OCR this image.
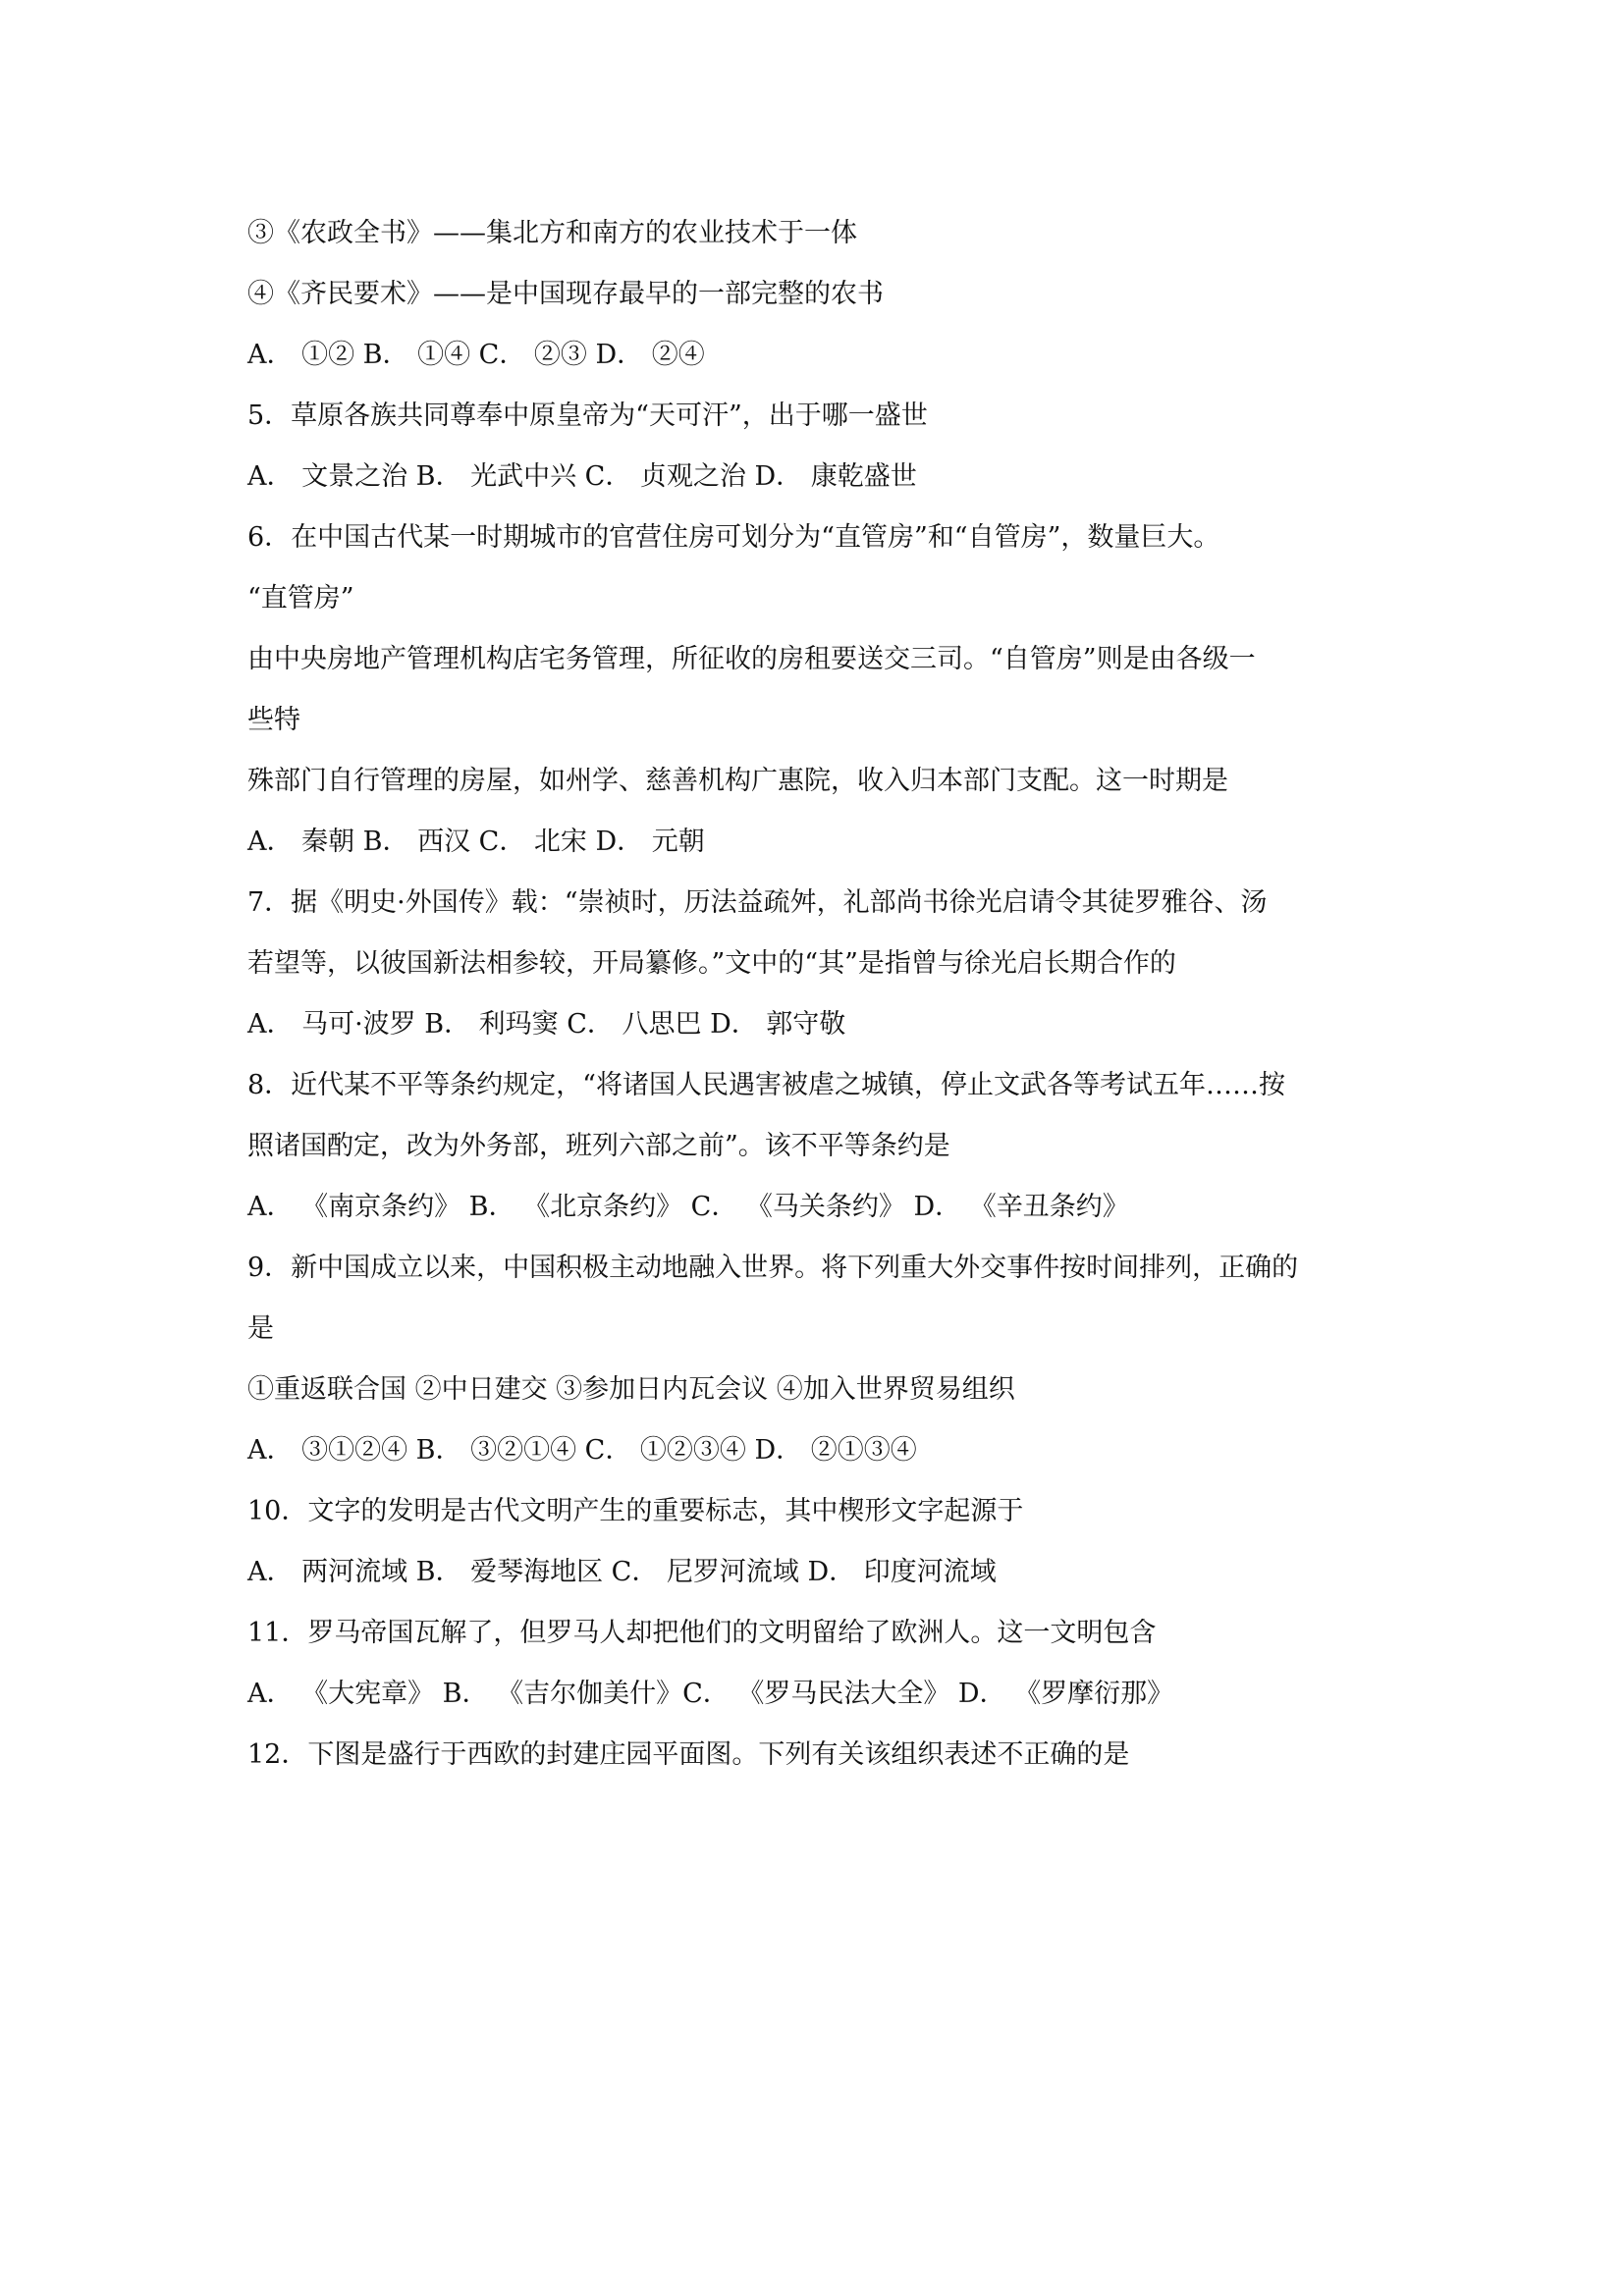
③《农政全书》——集北方和南方的农业技术于一体
④《齐民要术》——是中国现存最早的一部完整的农书
A． ①② B． ①④ C． ②③ D． ②④
5．草原各族共同尊奉中原皇帝为“天可汗”，出于哪一盛世
A． 文景之治 B． 光武中兴 C． 贞观之治 D． 康乾盛世
6．在中国古代某一时期城市的官营住房可划分为“直管房”和“自管房”，数量巨大。
“直管房”
由中央房地产管理机构店宅务管理，所征收的房租要送交三司。“自管房”则是由各级一
些特
殊部门自行管理的房屋，如州学、慈善机构广惠院，收入归本部门支配。这一时期是
A． 秦朝 B． 西汉 C． 北宋 D． 元朝
7．据《明史·外国传》载：“崇祯时，历法益疏舛，礼部尚书徐光启请令其徒罗雅谷、汤
若望等，以彼国新法相参较，开局纂修。”文中的“其”是指曾与徐光启长期合作的
A． 马可·波罗 B． 利玛窦 C． 八思巴 D． 郭守敬
8．近代某不平等条约规定，“将诸国人民遇害被虐之城镇，停止文武各等考试五年……按
照诸国酌定，改为外务部，班列六部之前”。该不平等条约是
A． 《南京条约》 B． 《北京条约》 C． 《马关条约》 D． 《辛丑条约》
9．新中国成立以来，中国积极主动地融入世界。将下列重大外交事件按时间排列，正确的
是
①重返联合国 ②中日建交 ③参加日内瓦会议 ④加入世界贸易组织
A． ③①②④ B． ③②①④ C． ①②③④ D． ②①③④
10．文字的发明是古代文明产生的重要标志，其中楔形文字起源于
A． 两河流域 B． 爱琴海地区 C． 尼罗河流域 D． 印度河流域
11．罗马帝国瓦解了，但罗马人却把他们的文明留给了欧洲人。这一文明包含
A． 《大宪章》 B． 《吉尔伽美什》C． 《罗马民法大全》 D． 《罗摩衍那》
12．下图是盛行于西欧的封建庄园平面图。下列有关该组织表述不正确的是
